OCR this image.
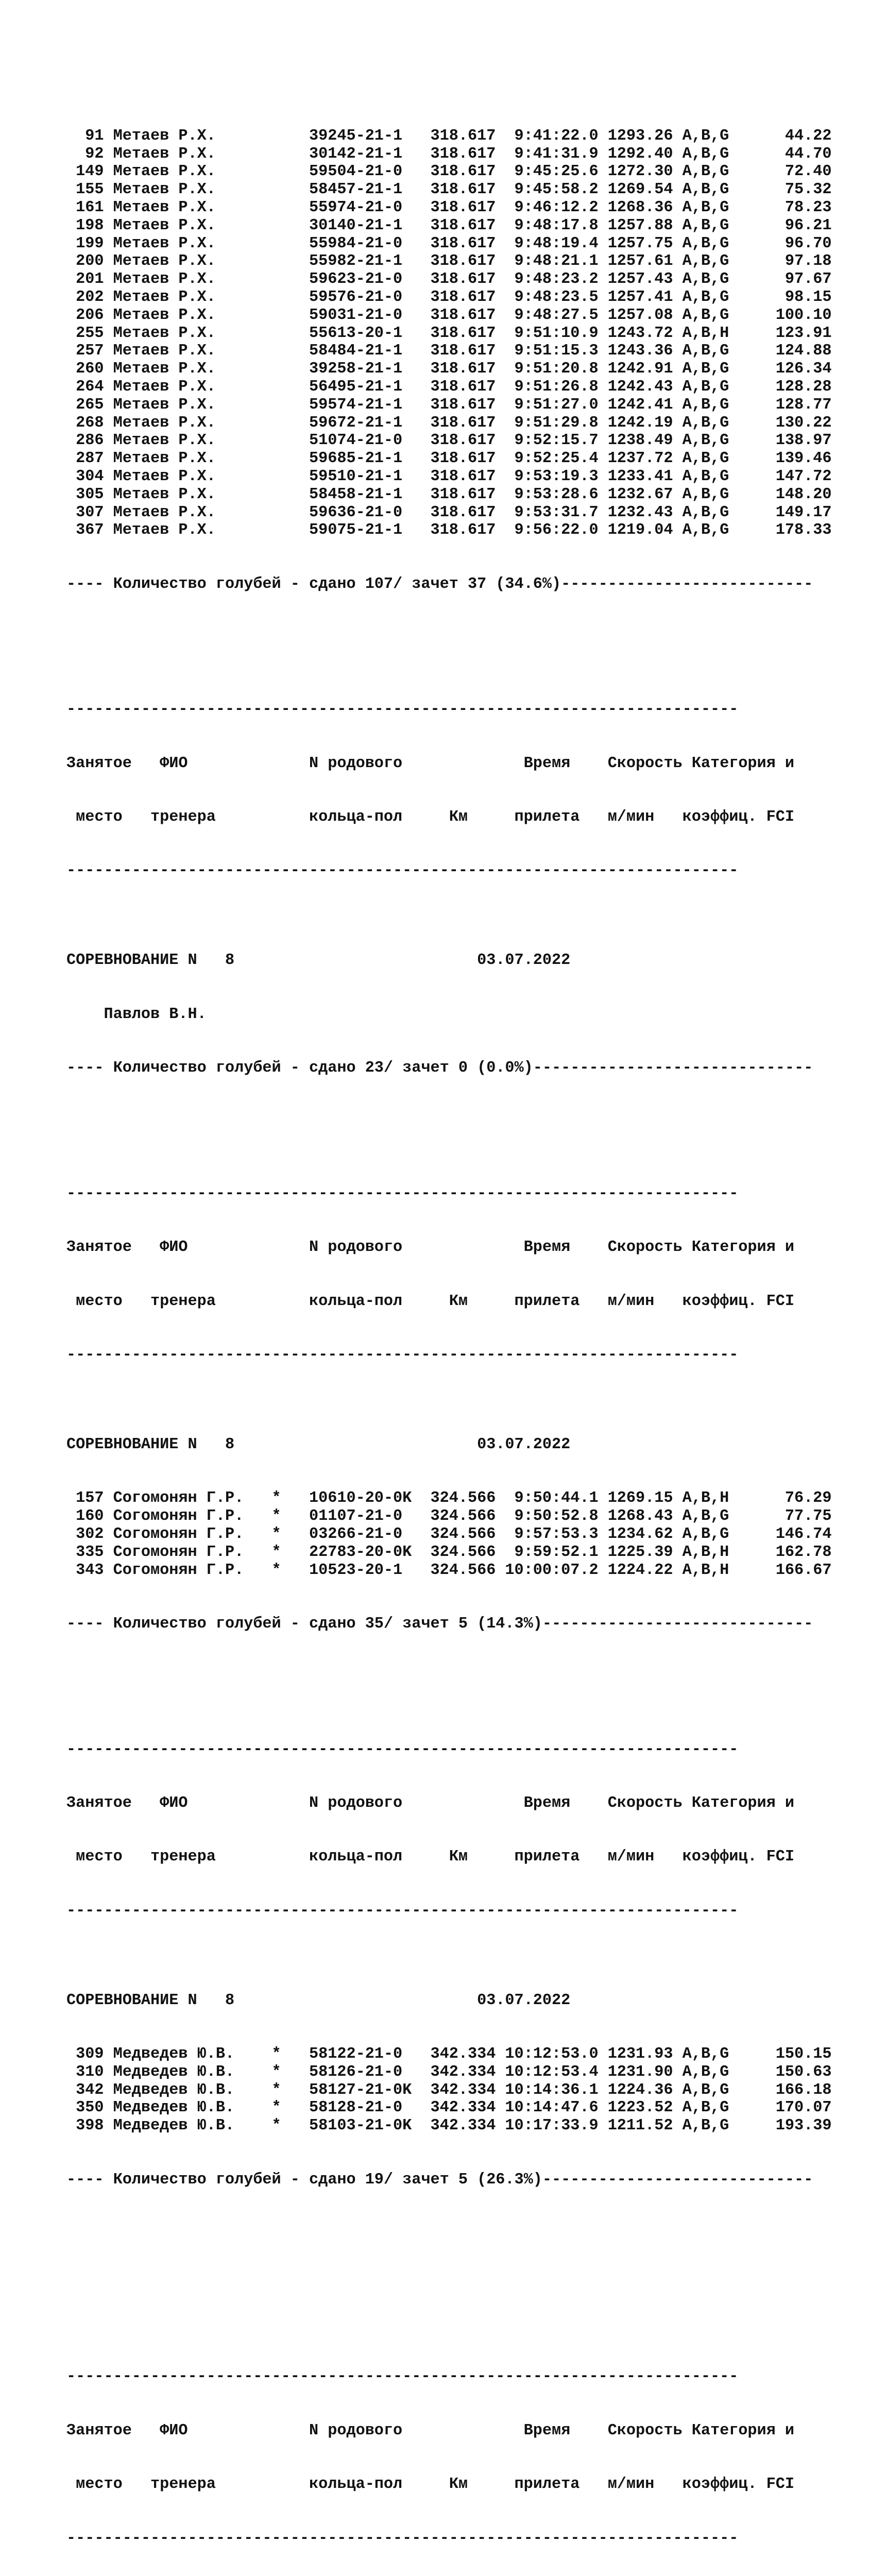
91 Метаев Р.Х.          39245-21-1   318.617  9:41:22.0 1293.26 A,B,G      44.22
92 Метаев Р.Х.          30142-21-1   318.617  9:41:31.9 1292.40 A,B,G      44.70
149 Метаев Р.Х.          59504-21-0   318.617  9:45:25.6 1272.30 A,B,G      72.40
155 Метаев Р.Х.          58457-21-1   318.617  9:45:58.2 1269.54 A,B,G      75.32
161 Метаев Р.Х.          55974-21-0   318.617  9:46:12.2 1268.36 A,B,G      78.23
198 Метаев Р.Х.          30140-21-1   318.617  9:48:17.8 1257.88 A,B,G      96.21
199 Метаев Р.Х.          55984-21-0   318.617  9:48:19.4 1257.75 A,B,G      96.70
200 Метаев Р.Х.          55982-21-1   318.617  9:48:21.1 1257.61 A,B,G      97.18
201 Метаев Р.Х.          59623-21-0   318.617  9:48:23.2 1257.43 A,B,G      97.67
202 Метаев Р.Х.          59576-21-0   318.617  9:48:23.5 1257.41 A,B,G      98.15
206 Метаев Р.Х.          59031-21-0   318.617  9:48:27.5 1257.08 A,B,G     100.10
255 Метаев Р.Х.          55613-20-1   318.617  9:51:10.9 1243.72 A,B,H     123.91
257 Метаев Р.Х.          58484-21-1   318.617  9:51:15.3 1243.36 A,B,G     124.88
260 Метаев Р.Х.          39258-21-1   318.617  9:51:20.8 1242.91 A,B,G     126.34
264 Метаев Р.Х.          56495-21-1   318.617  9:51:26.8 1242.43 A,B,G     128.28
265 Метаев Р.Х.          59574-21-1   318.617  9:51:27.0 1242.41 A,B,G     128.77
268 Метаев Р.Х.          59672-21-1   318.617  9:51:29.8 1242.19 A,B,G     130.22
286 Метаев Р.Х.          51074-21-0   318.617  9:52:15.7 1238.49 A,B,G     138.97
287 Метаев Р.Х.          59685-21-1   318.617  9:52:25.4 1237.72 A,B,G     139.46
304 Метаев Р.Х.          59510-21-1   318.617  9:53:19.3 1233.41 A,B,G     147.72
305 Метаев Р.Х.          58458-21-1   318.617  9:53:28.6 1232.67 A,B,G     148.20
307 Метаев Р.Х.          59636-21-0   318.617  9:53:31.7 1232.43 A,B,G     149.17
367 Метаев Р.Х.          59075-21-1   318.617  9:56:22.0 1219.04 A,B,G     178.33

---- Количество голубей - сдано 107/ зачет 37 (34.6%)---------------------------

------------------------------------------------------------------------

Занятое   ФИО             N родового             Время    Скорость Категория и

место   тренера          кольца-пол     Км     прилета   м/мин   коэффиц. FCI

------------------------------------------------------------------------

СОРЕВНОВАНИЕ N   8                          03.07.2022

Павлов В.Н.

---- Количество голубей - сдано 23/ зачет 0 (0.0%)------------------------------

------------------------------------------------------------------------

Занятое   ФИО             N родового             Время    Скорость Категория и

место   тренера          кольца-пол     Км     прилета   м/мин   коэффиц. FCI

------------------------------------------------------------------------

СОРЕВНОВАНИЕ N   8                          03.07.2022

157 Согомонян Г.Р.   *   10610-20-0K  324.566  9:50:44.1 1269.15 A,B,H      76.29
160 Согомонян Г.Р.   *   01107-21-0   324.566  9:50:52.8 1268.43 A,B,G      77.75
302 Согомонян Г.Р.   *   03266-21-0   324.566  9:57:53.3 1234.62 A,B,G     146.74
335 Согомонян Г.Р.   *   22783-20-0K  324.566  9:59:52.1 1225.39 A,B,H     162.78
343 Согомонян Г.Р.   *   10523-20-1   324.566 10:00:07.2 1224.22 A,B,H     166.67

---- Количество голубей - сдано 35/ зачет 5 (14.3%)-----------------------------

------------------------------------------------------------------------

Занятое   ФИО             N родового             Время    Скорость Категория и

место   тренера          кольца-пол     Км     прилета   м/мин   коэффиц. FCI

------------------------------------------------------------------------

СОРЕВНОВАНИЕ N   8                          03.07.2022

309 Медведев Ю.В.    *   58122-21-0   342.334 10:12:53.0 1231.93 A,B,G     150.15
310 Медведев Ю.В.    *   58126-21-0   342.334 10:12:53.4 1231.90 A,B,G     150.63
342 Медведев Ю.В.    *   58127-21-0K  342.334 10:14:36.1 1224.36 A,B,G     166.18
350 Медведев Ю.В.    *   58128-21-0   342.334 10:14:47.6 1223.52 A,B,G     170.07
398 Медведев Ю.В.    *   58103-21-0K  342.334 10:17:33.9 1211.52 A,B,G     193.39

---- Количество голубей - сдано 19/ зачет 5 (26.3%)-----------------------------

------------------------------------------------------------------------

Занятое   ФИО             N родового             Время    Скорость Категория и

место   тренера          кольца-пол     Км     прилета   м/мин   коэффиц. FCI

------------------------------------------------------------------------
